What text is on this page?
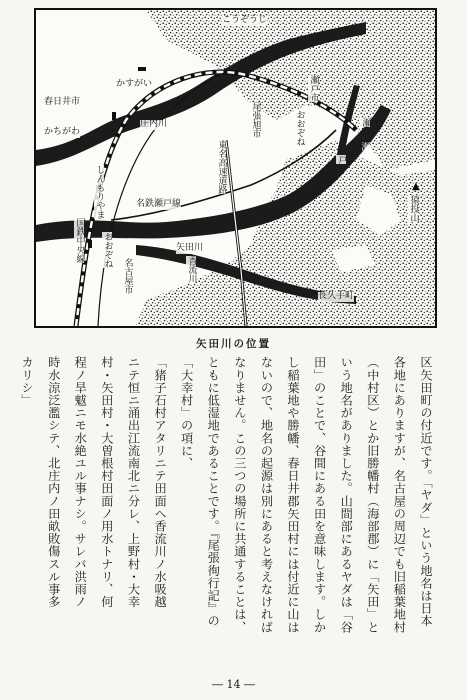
こうぞうじ
かすがい
春日井市
かちがわ
庄内川
瀬戸市
尾張旭市	おおぞね
東名高速道路
名鉄瀬戸線
しんもりやま
おおぞね
国鉄中央線
名古屋市
矢田川
香流川
瀬戸川
瀬
戸
▲
猿投山
長久手町
矢田川の位置
区矢田町の付近です。「ヤダ」という地名は日本
各地にありますが、名古屋の周辺でも旧稲葉地村
（中村区）とか旧勝幡村（海部郡）に「矢田」と
いう地名がありました。山間部にあるヤダは「谷
田」のことで、谷間にある田を意味します。しか
し稲葉地や勝幡、春日井郡矢田村には付近に山は
ないので、地名の起源は別にあると考えなければ
なりません。この三つの場所に共通することは、
ともに低湿地であることです。『尾張徇行記』の
「大幸村」の項に、
「猪子石村アタリニテ田面ヘ香流川ノ水吸越
ニテ恒ニ涌出江流南北ニ分レ、上野村・大幸
村・矢田村・大曽根村田面ノ用水トナリ、何
程ノ旱魃ニモ水絶ユル事ナシ。サレバ洪雨ノ
時水涼泛濫シテ、北庄内ノ田畝敗傷スル事多
カリシ」
― 14 ―
